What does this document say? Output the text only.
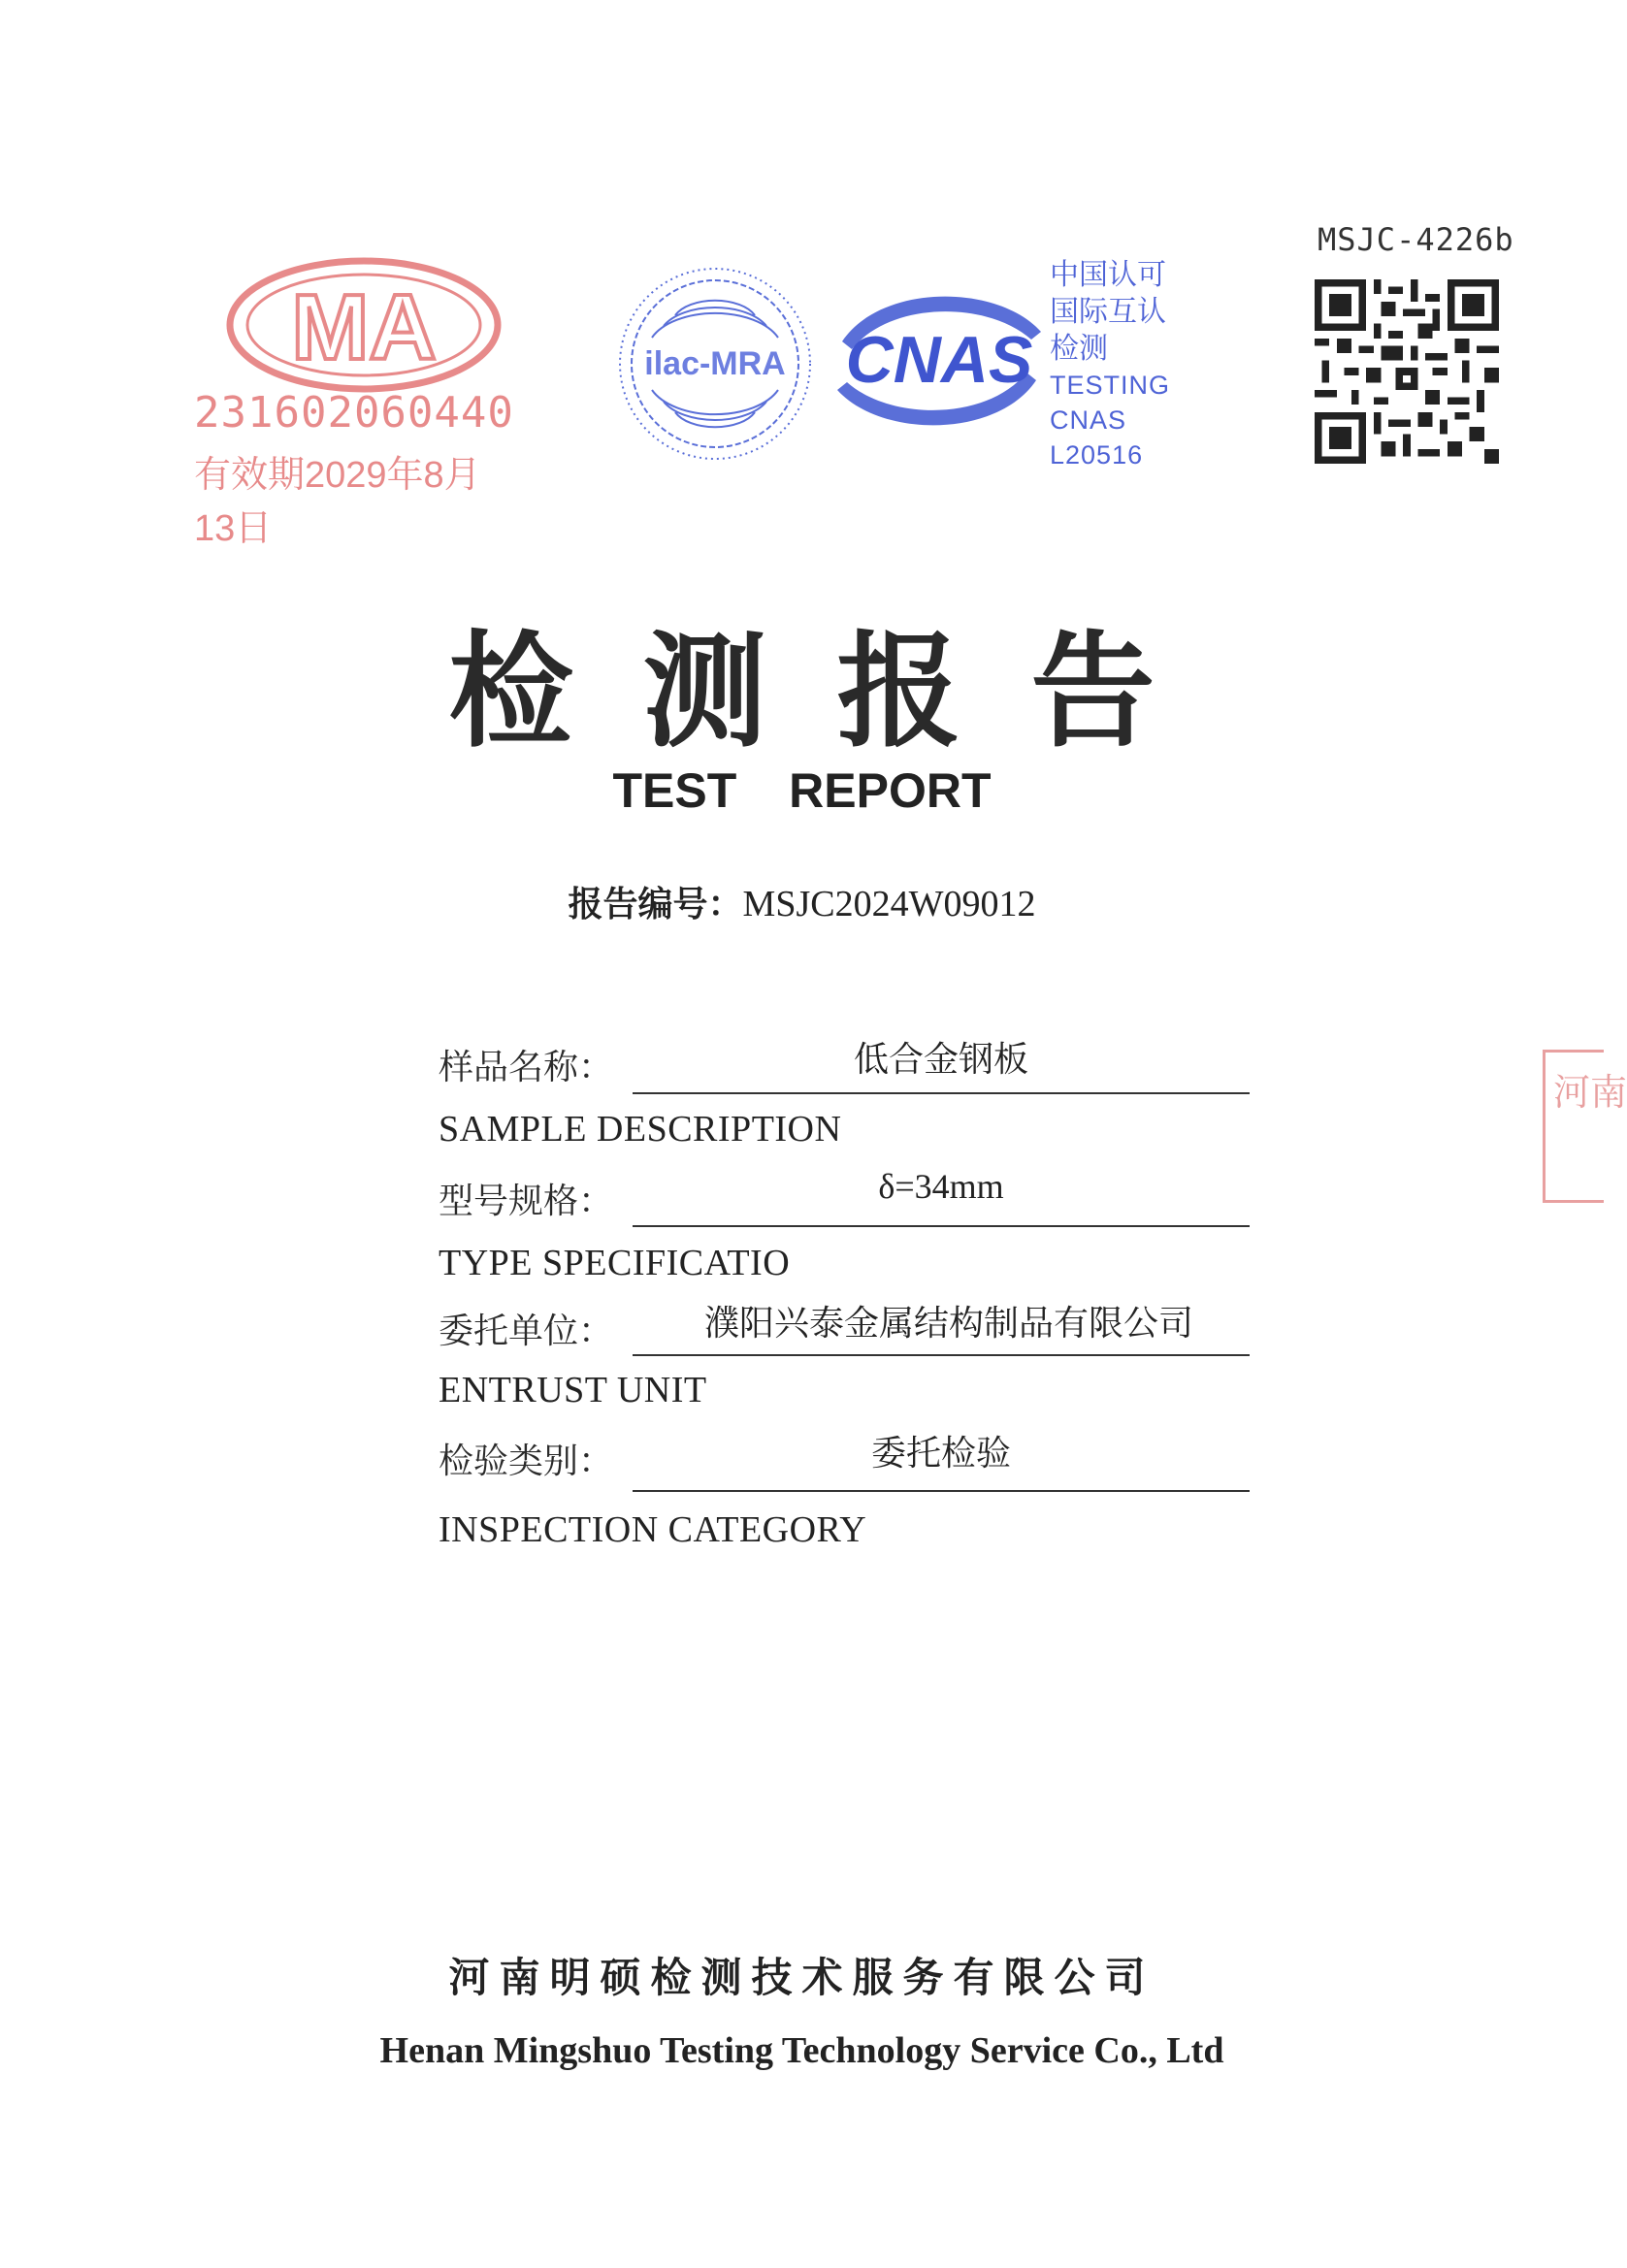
MA
231602060440
有效期2029年8月13日
ilac-MRA CNAS
中国认可
国际互认
检测
TESTING
CNAS L20516
MSJC-4226b
检测报告
TEST REPORT
报告编号：MSJC2024W09012
样品名称：	低合金钢板
SAMPLE DESCRIPTION
型号规格：	δ=34mm
TYPE SPECIFICATIO
委托单位：	濮阳兴泰金属结构制品有限公司
ENTRUST UNIT
检验类别：	委托检验
INSPECTION CATEGORY
河南明硕检测技术服务有限公司
Henan Mingshuo Testing Technology Service Co., Ltd
河南
